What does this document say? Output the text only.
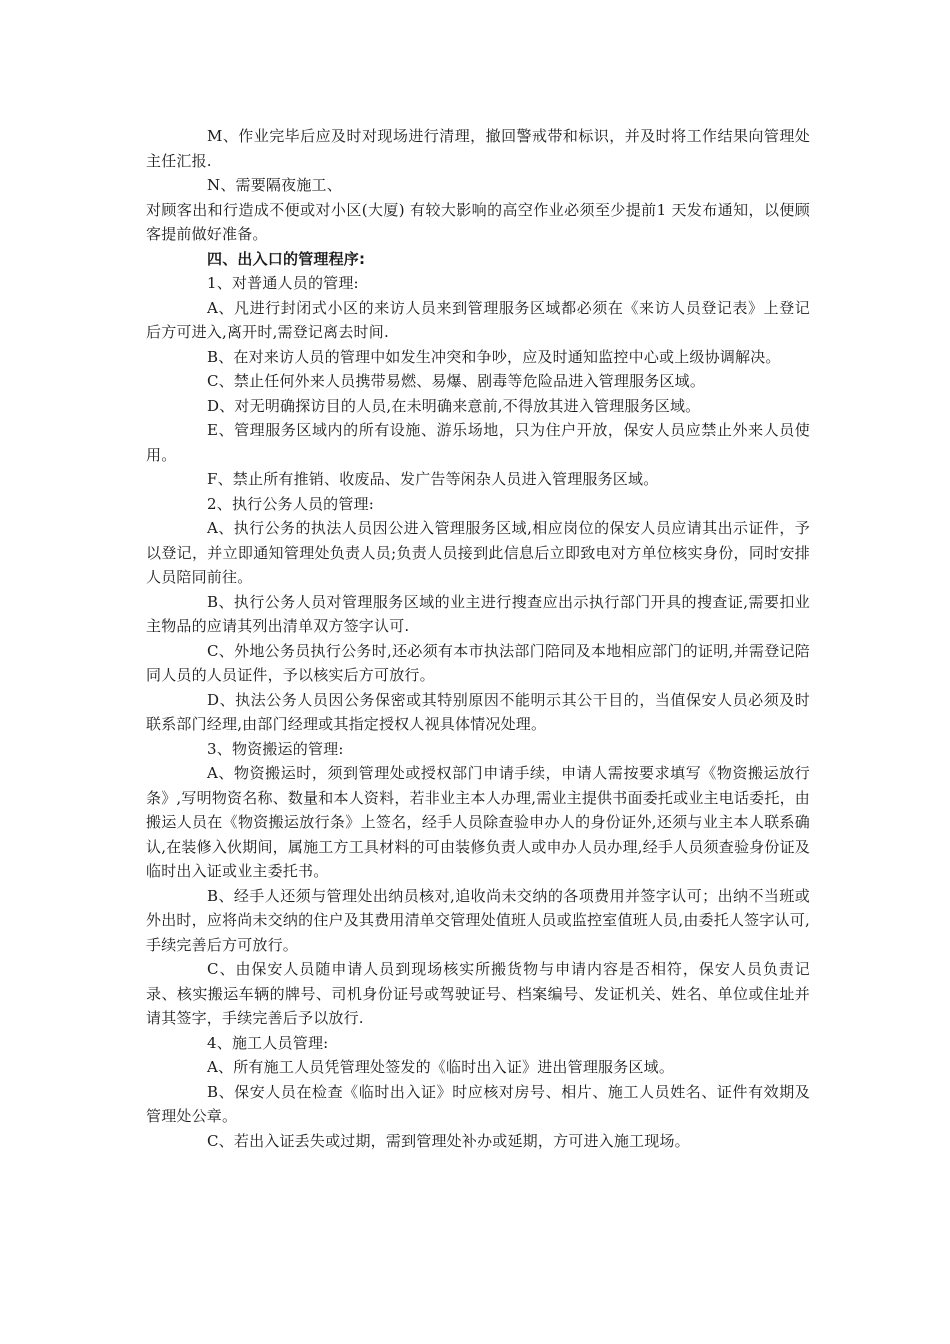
M、作业完毕后应及时对现场进行清理，撤回警戒带和标识，并及时将工作结果向管理处主任汇报.

N、需要隔夜施工、

对顾客出和行造成不便或对小区(大厦) 有较大影响的高空作业必须至少提前1 天发布通知，以便顾客提前做好准备。

四、出入口的管理程序:

1、对普通人员的管理:

A、凡进行封闭式小区的来访人员来到管理服务区域都必须在《来访人员登记表》上登记后方可进入,离开时,需登记离去时间.

B、在对来访人员的管理中如发生冲突和争吵，应及时通知监控中心或上级协调解决。

C、禁止任何外来人员携带易燃、易爆、剧毒等危险品进入管理服务区域。

D、对无明确探访目的人员,在未明确来意前,不得放其进入管理服务区域。

E、管理服务区域内的所有设施、游乐场地，只为住户开放，保安人员应禁止外来人员使用。

F、禁止所有推销、收废品、发广告等闲杂人员进入管理服务区域。

2、执行公务人员的管理:

A、执行公务的执法人员因公进入管理服务区域,相应岗位的保安人员应请其出示证件，予以登记，并立即通知管理处负责人员;负责人员接到此信息后立即致电对方单位核实身份，同时安排人员陪同前往。

B、执行公务人员对管理服务区域的业主进行搜查应出示执行部门开具的搜查证,需要扣业主物品的应请其列出清单双方签字认可.

C、外地公务员执行公务时,还必须有本市执法部门陪同及本地相应部门的证明,并需登记陪同人员的人员证件，予以核实后方可放行。

D、执法公务人员因公务保密或其特别原因不能明示其公干目的，当值保安人员必须及时联系部门经理,由部门经理或其指定授权人视具体情况处理。

3、物资搬运的管理:

A、物资搬运时，须到管理处或授权部门申请手续，申请人需按要求填写《物资搬运放行条》,写明物资名称、数量和本人资料，若非业主本人办理,需业主提供书面委托或业主电话委托，由搬运人员在《物资搬运放行条》上签名，经手人员除查验申办人的身份证外,还须与业主本人联系确认,在装修入伙期间，属施工方工具材料的可由装修负责人或申办人员办理,经手人员须查验身份证及临时出入证或业主委托书。

B、经手人还须与管理处出纳员核对,追收尚未交纳的各项费用并签字认可；出纳不当班或外出时，应将尚未交纳的住户及其费用清单交管理处值班人员或监控室值班人员,由委托人签字认可,手续完善后方可放行。

C、由保安人员随申请人员到现场核实所搬货物与申请内容是否相符，保安人员负责记录、核实搬运车辆的牌号、司机身份证号或驾驶证号、档案编号、发证机关、姓名、单位或住址并请其签字，手续完善后予以放行.

4、施工人员管理:

A、所有施工人员凭管理处签发的《临时出入证》进出管理服务区域。

B、保安人员在检查《临时出入证》时应核对房号、相片、施工人员姓名、证件有效期及管理处公章。

C、若出入证丢失或过期，需到管理处补办或延期，方可进入施工现场。
